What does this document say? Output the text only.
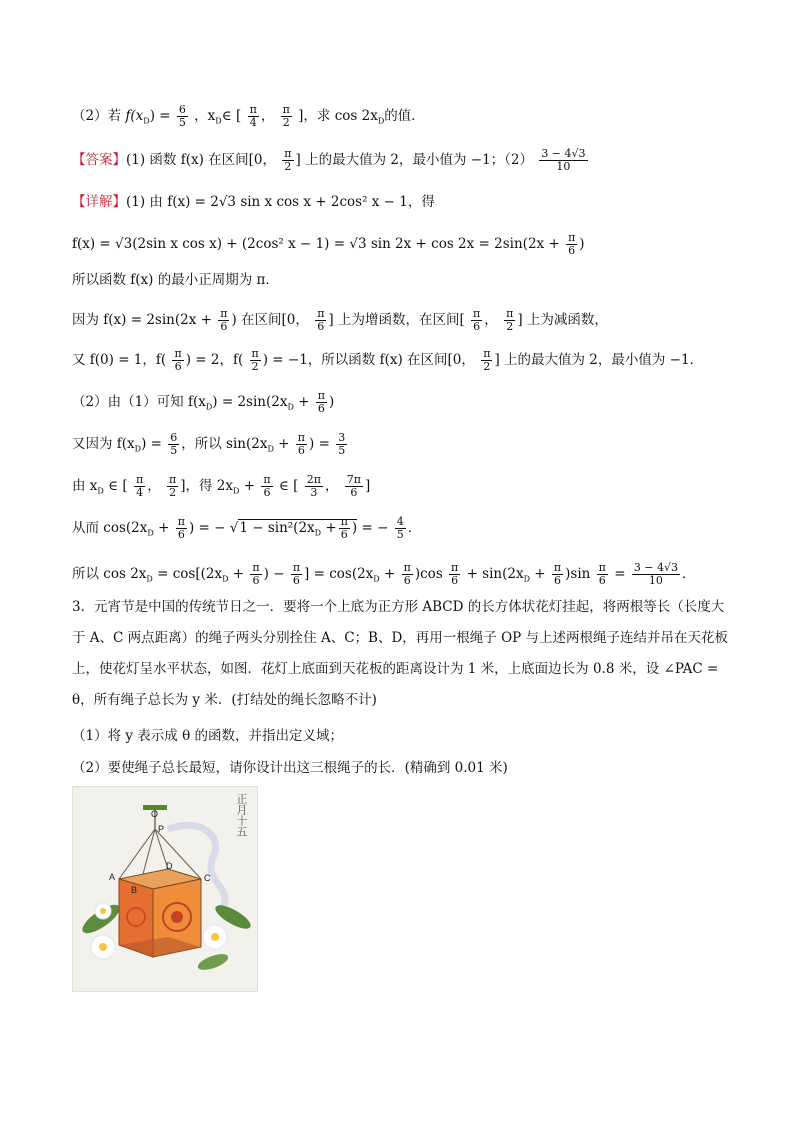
（2）若 $f(x_D) = \frac{6}{5}$ ，$x_D\in$ [ $\frac{\pi}{4}$ ， $\frac{\pi}{2}$ ]，求 $\cos 2x_D$的值．
【答案】(1) 函数 f(x) 在区间[0， $\frac{\pi}{2}$ ] 上的最大值为 2，最小值为 −1；$(2) \frac{3 - 4√3}{10}$
【详解】(1) 由 f(x) = 2√3 sin x cos x + 2cos² x − 1，得
f(x) = √3(2sin x cos x) + (2cos² x − 1) = √3 $\sin 2x + \cos 2x = 2\sin(2x + \frac{\pi}{6}$ )
所以函数 f(x) 的最小正周期为 π．
因为 $f(x) = 2\sin(2x + \frac{\pi}{6}$ ) 在区间[0， $\frac{\pi}{6}$ ] 上为增函数，在区间[ $\frac{\pi}{6}$ ， $\frac{\pi}{2}$ ] 上为减函数，
又 f(0) = 1，$f( \frac{\pi}{6}$ ) = 2，$f( \frac{\pi}{2}$ ) = −1，所以函数 f(x) 在区间[0， $\frac{\pi}{2}$ ] 上的最大值为 2，最小值为 −1．
（2）由（1）可知 $f(x_D) = 2\sin(2x_D + \frac{\pi}{6}$ )
又因为 $f(x_D) = \frac{6}{5}$ ，所以 $\sin(2x_D + \frac{\pi}{6}$ ) = $\frac{3}{5}$
由 $x_D$ ∈ [ $\frac{\pi}{4}$ ， $\frac{\pi}{2}$ ]，得 $2x_D + \frac{\pi}{6}$ ∈ [ $\frac{2\pi}{3}$ ， $\frac{7\pi}{6}$ ]
从而 $\cos(2x_D + \frac{\pi}{6}$ ) = − $√1 - \sin^2(2x_D + \frac{\pi}{6}$ ) = − $\frac{4}{5}$ ．
所以 $\cos 2x_D = \cos[(2x_D + \frac{\pi}{6}$ ) − $\frac{\pi}{6}$ ] = $\cos(2x_D + \frac{\pi}{6} )\cos \frac{\pi}{6} + \sin(2x_D + \frac{\pi}{6} )\sin \frac{\pi}{6} = \frac{3 - 4√3}{10}$ ．
3．元宵节是中国的传统节日之一．要将一个上底为正方形 ABCD 的长方体状花灯挂起，将两根等长（长度大于 A、C 两点距离）的绳子两头分别拴住 A、C；B、D，再用一根绳子 OP 与上述两根绳子连结并吊在天花板上，使花灯呈水平状态，如图．花灯上底面到天花板的距离设计为 1 米，上底面边长为 0.8 米，设 ∠PAC = θ，所有绳子总长为 y 米．(打结处的绳长忽略不计)
（1）将 y 表示成 θ 的函数，并指出定义域；
（2）要使绳子总长最短，请你设计出这三根绳子的长．(精确到 0.01 米)
O
P
A
B
C
D
正月十五
